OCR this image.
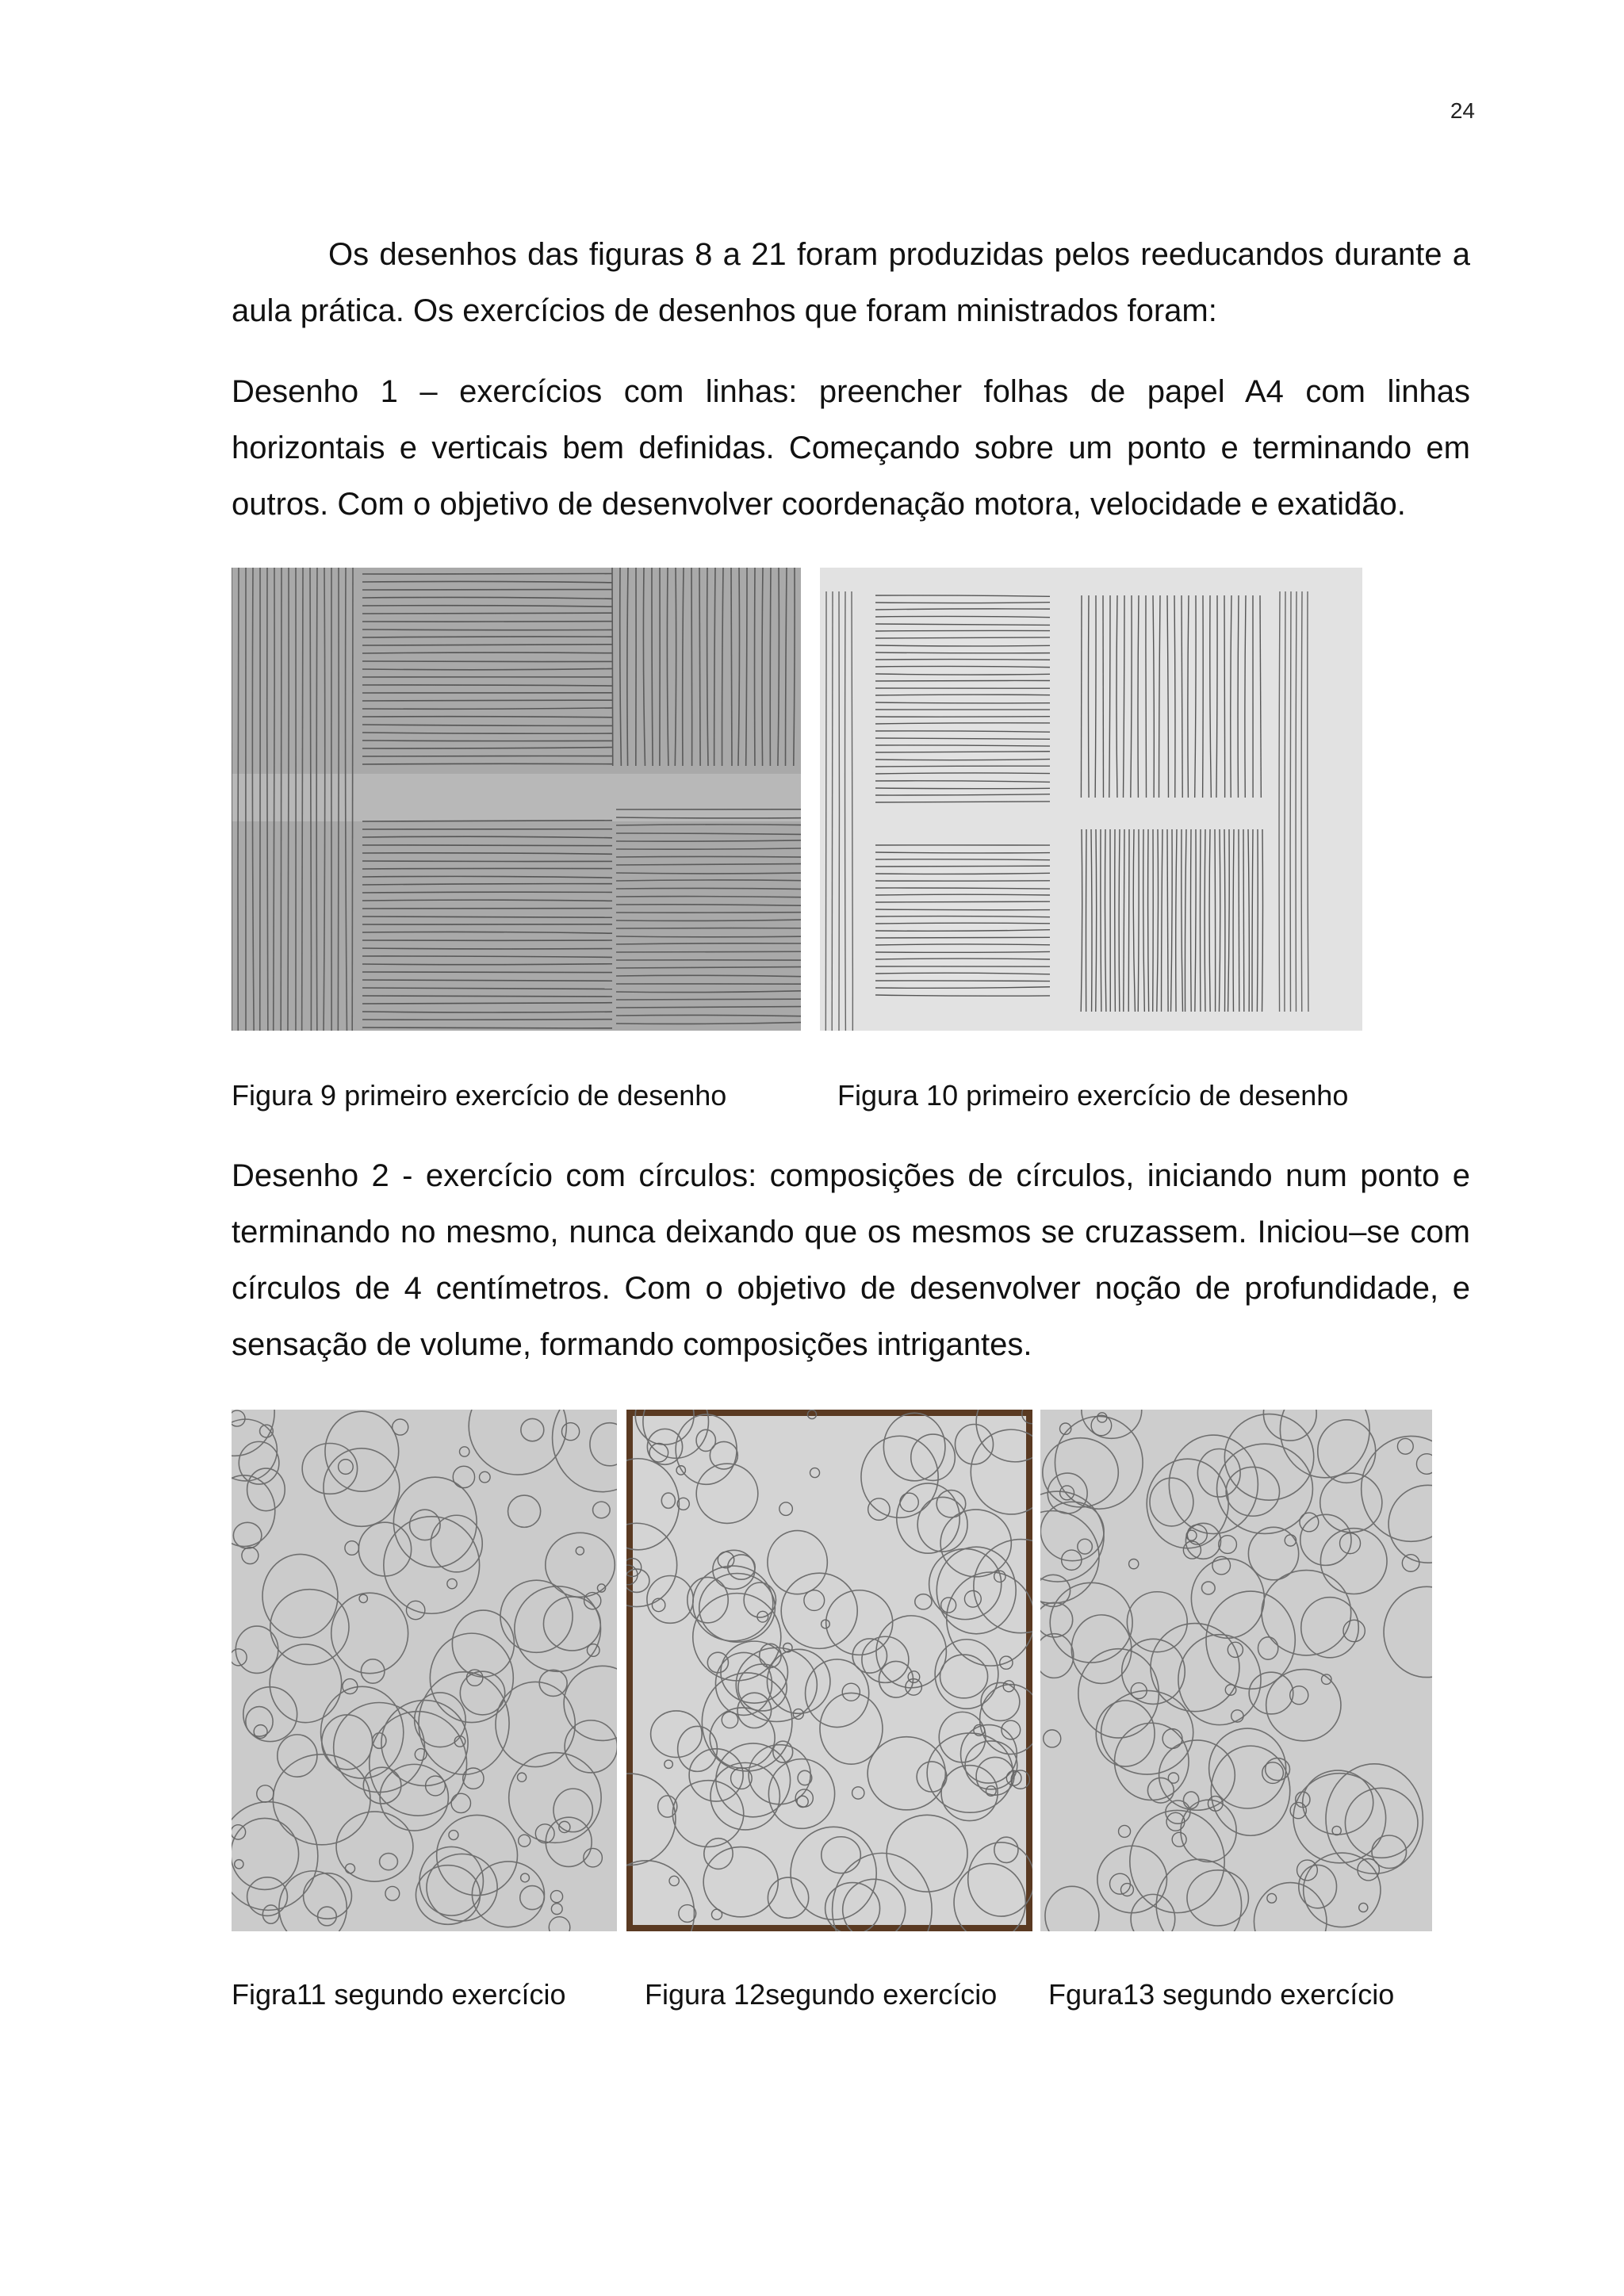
24

Os desenhos das figuras 8 a 21 foram produzidas pelos reeducandos durante a aula prática. Os exercícios de desenhos que foram ministrados foram:

Desenho 1 – exercícios com linhas: preencher folhas de papel A4 com linhas horizontais e verticais bem definidas. Começando sobre um ponto e terminando em outros. Com o objetivo de desenvolver coordenação motora, velocidade e exatidão.

Figura 9 primeiro exercício de desenho	Figura 10 primeiro exercício de desenho

Desenho 2 - exercício com círculos: composições de círculos, iniciando num ponto e terminando no mesmo, nunca deixando que os mesmos se cruzassem. Iniciou–se com círculos de 4 centímetros. Com o objetivo de desenvolver noção de profundidade, e sensação de volume, formando composições intrigantes.

Figra11 segundo exercício	Figura 12segundo exercício Fgura13 segundo exercício
